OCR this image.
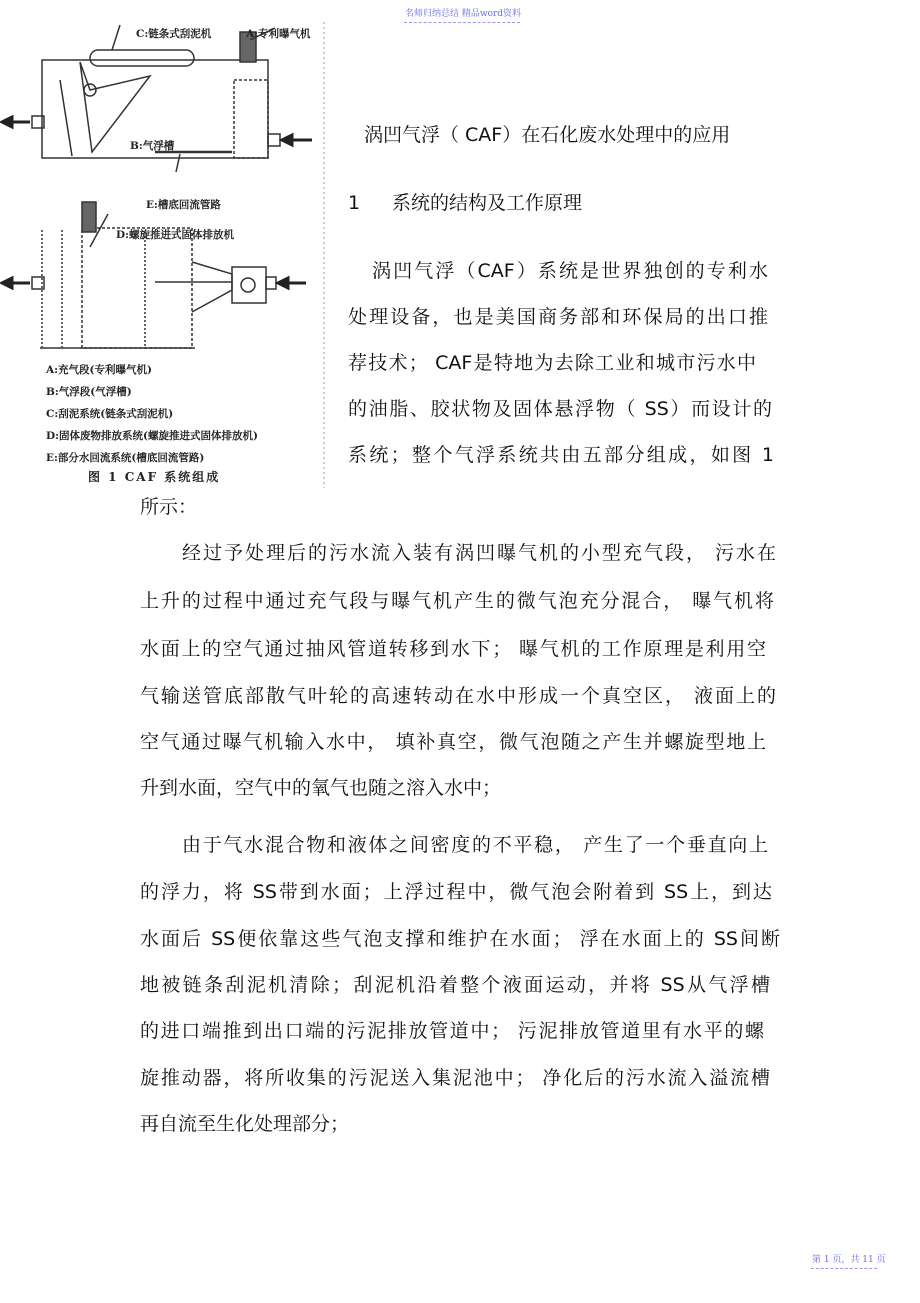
名师归纳总结 精品word资料
C:链条式刮泥机	A:专利曝气机
B:气浮槽
E:槽底回流管路
D:螺旋推进式固体排放机
A:充气段(专利曝气机)
B:气浮段(气浮槽)
C:刮泥系统(链条式刮泥机)
D:固体废物排放系统(螺旋推进式固体排放机)
E:部分水回流系统(槽底回流管路)
图 1 CAF 系统组成
涡凹气浮（ CAF）在石化废水处理中的应用
1 系统的结构及工作原理
涡凹气浮（CAF）系统是世界独创的专利水
处理设备，也是美国商务部和环保局的出口推
荐技术； CAF是特地为去除工业和城市污水中
的油脂、胶状物及固体悬浮物（ SS）而设计的
系统；整个气浮系统共由五部分组成，如图 1
所示：
经过予处理后的污水流入装有涡凹曝气机的小型充气段， 污水在
上升的过程中通过充气段与曝气机产生的微气泡充分混合， 曝气机将
水面上的空气通过抽风管道转移到水下； 曝气机的工作原理是利用空
气输送管底部散气叶轮的高速转动在水中形成一个真空区， 液面上的
空气通过曝气机输入水中， 填补真空，微气泡随之产生并螺旋型地上
升到水面，空气中的氧气也随之溶入水中；
由于气水混合物和液体之间密度的不平稳， 产生了一个垂直向上
的浮力，将 SS带到水面；上浮过程中，微气泡会附着到 SS上，到达
水面后 SS便依靠这些气泡支撑和维护在水面； 浮在水面上的 SS间断
地被链条刮泥机清除；刮泥机沿着整个液面运动，并将 SS从气浮槽
的进口端推到出口端的污泥排放管道中； 污泥排放管道里有水平的螺
旋推动器，将所收集的污泥送入集泥池中； 净化后的污水流入溢流槽
再自流至生化处理部分；
第 1 页，共 11 页
